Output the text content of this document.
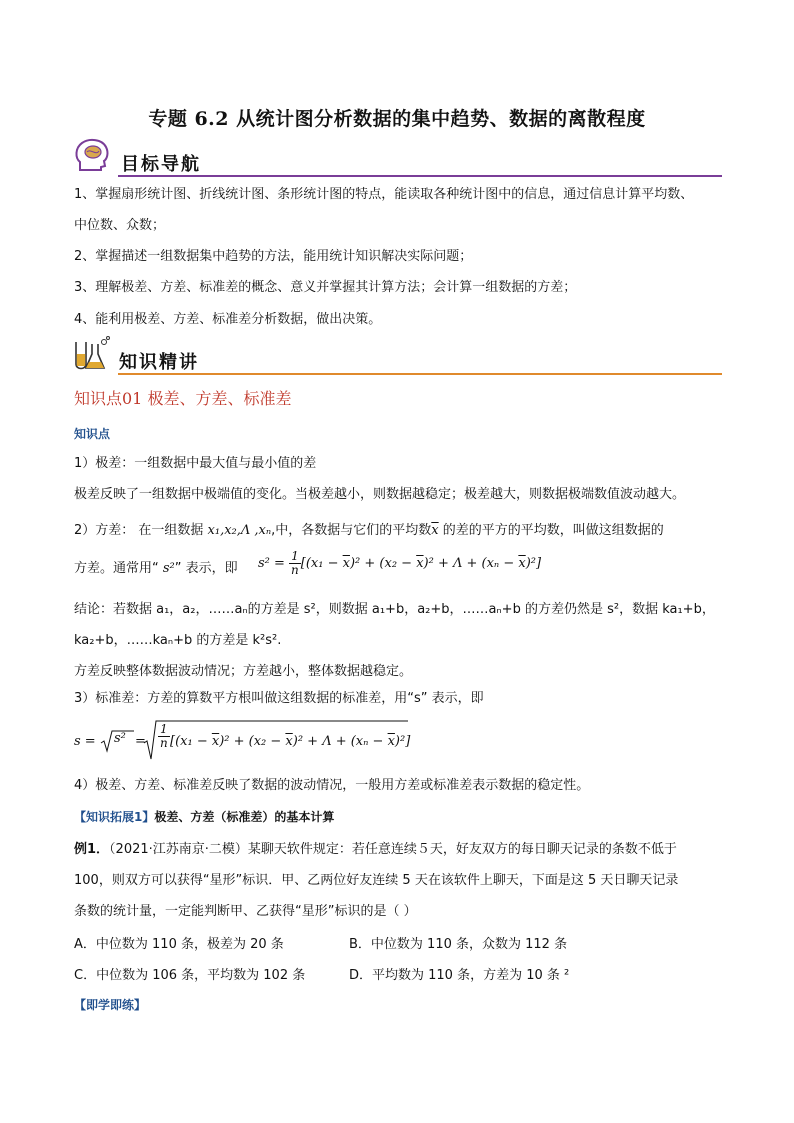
专题 6.2 从统计图分析数据的集中趋势、数据的离散程度
目标导航
1、掌握扇形统计图、折线统计图、条形统计图的特点，能读取各种统计图中的信息，通过信息计算平均数、
中位数、众数；
2、掌握描述一组数据集中趋势的方法，能用统计知识解决实际问题；
3、理解极差、方差、标准差的概念、意义并掌握其计算方法；会计算一组数据的方差；
4、能利用极差、方差、标准差分析数据，做出决策。
知识精讲
知识点01 极差、方差、标准差
知识点
1）极差：一组数据中最大值与最小值的差
极差反映了一组数据中极端值的变化。当极差越小，则数据越稳定；极差越大，则数据极端数值波动越大。
2）方差： 在一组数据 x₁,x₂,Λ ,xₙ,中，各数据与它们的平均数$\overline{x}$ 的差的平方的平均数，叫做这组数据的
方差。通常用“ s²” 表示，即	$s^2 = \frac{1}{n} [(x_1 - \overline{x})^2 + (x_2 - \overline{x})^2 + \Lambda + (x_n - \overline{x})^2]$
结论：若数据 a₁，a₂，……aₙ的方差是 s²，则数据 a₁+b，a₂+b，……aₙ+b 的方差仍然是 s²，数据 ka₁+b，
ka₂+b，……kaₙ+b 的方差是 k²s².
方差反映整体数据波动情况；方差越小，整体数据越稳定。
3）标准差：方差的算数平方根叫做这组数据的标准差，用“s” 表示，即
$s = s^2 = \frac{1}{n} [(x_1 - \overline{x})^2 + (x_2 - \overline{x})^2 + \Lambda + (x_n - \overline{x})^2]$
4）极差、方差、标准差反映了数据的波动情况，一般用方差或标准差表示数据的稳定性。
【知识拓展1】极差、方差（标准差）的基本计算
例1．（2021·江苏南京·二模）某聊天软件规定：若任意连续５天，好友双方的每日聊天记录的条数不低于
100，则双方可以获得“星形”标识．甲、乙两位好友连续 5 天在该软件上聊天，下面是这 5 天日聊天记录
条数的统计量，一定能判断甲、乙获得“星形”标识的是（ ）
A．中位数为 110 条，极差为 20 条	B．中位数为 110 条，众数为 112 条
C．中位数为 106 条，平均数为 102 条	D．平均数为 110 条，方差为 10 条 ²
【即学即练】
